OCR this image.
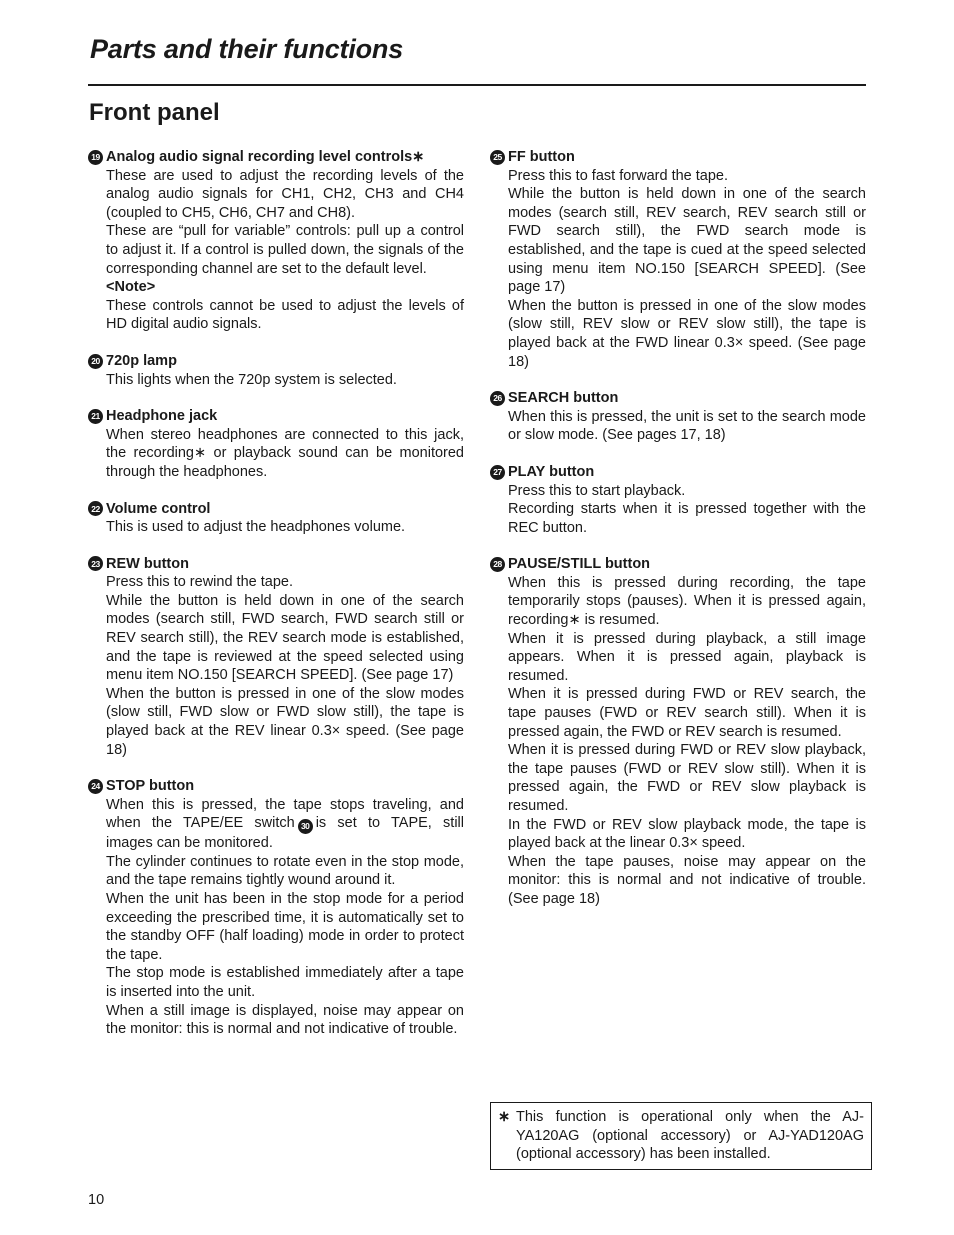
Parts and their functions
Front panel
19 Analog audio signal recording level controls∗

These are used to adjust the recording levels of the analog audio signals for CH1, CH2, CH3 and CH4 (coupled to CH5, CH6, CH7 and CH8).

These are “pull for variable” controls: pull up a control to adjust it. If a control is pulled down, the signals of the corresponding channel are set to the default level.

<Note>

These controls cannot be used to adjust the levels of HD digital audio signals.

20 720p lamp

This lights when the 720p system is selected.

21 Headphone jack

When stereo headphones are connected to this jack, the recording∗ or playback sound can be monitored through the headphones.

22 Volume control

This is used to adjust the headphones volume.

23 REW button

Press this to rewind the tape.

While the button is held down in one of the search modes (search still, FWD search, FWD search still or REV search still), the REV search mode is established, and the tape is reviewed at the speed selected using menu item NO.150 [SEARCH SPEED]. (See page 17)

When the button is pressed in one of the slow modes (slow still, FWD slow or FWD slow still), the tape is played back at the REV linear 0.3× speed. (See page 18)

24 STOP button

When this is pressed, the tape stops traveling, and when the TAPE/EE switch 30 is set to TAPE, still images can be monitored.

The cylinder continues to rotate even in the stop mode, and the tape remains tightly wound around it.

When the unit has been in the stop mode for a period exceeding the prescribed time, it is automatically set to the standby OFF (half loading) mode in order to protect the tape.

The stop mode is established immediately after a tape is inserted into the unit.

When a still image is displayed, noise may appear on the monitor: this is normal and not indicative of trouble.

25 FF button

Press this to fast forward the tape.

While the button is held down in one of the search modes (search still, REV search, REV search still or FWD search still), the FWD search mode is established, and the tape is cued at the speed selected using menu item NO.150 [SEARCH SPEED]. (See page 17)

When the button is pressed in one of the slow modes (slow still, REV slow or REV slow still), the tape is played back at the FWD linear 0.3× speed. (See page 18)

26 SEARCH button

When this is pressed, the unit is set to the search mode or slow mode. (See pages 17, 18)

27 PLAY button

Press this to start playback.

Recording starts when it is pressed together with the REC button.

28 PAUSE/STILL button

When this is pressed during recording, the tape temporarily stops (pauses). When it is pressed again, recording∗ is resumed.

When it is pressed during playback, a still image appears. When it is pressed again, playback is resumed.

When it is pressed during FWD or REV search, the tape pauses (FWD or REV search still). When it is pressed again, the FWD or REV search is resumed.

When it is pressed during FWD or REV slow playback, the tape pauses (FWD or REV slow still). When it is pressed again, the FWD or REV slow playback is resumed.

In the FWD or REV slow playback mode, the tape is played back at the linear 0.3× speed.

When the tape pauses, noise may appear on the monitor: this is normal and not indicative of trouble. (See page 18)

∗ This function is operational only when the AJ-YA120AG (optional accessory) or AJ-YAD120AG (optional accessory) has been installed.
10
